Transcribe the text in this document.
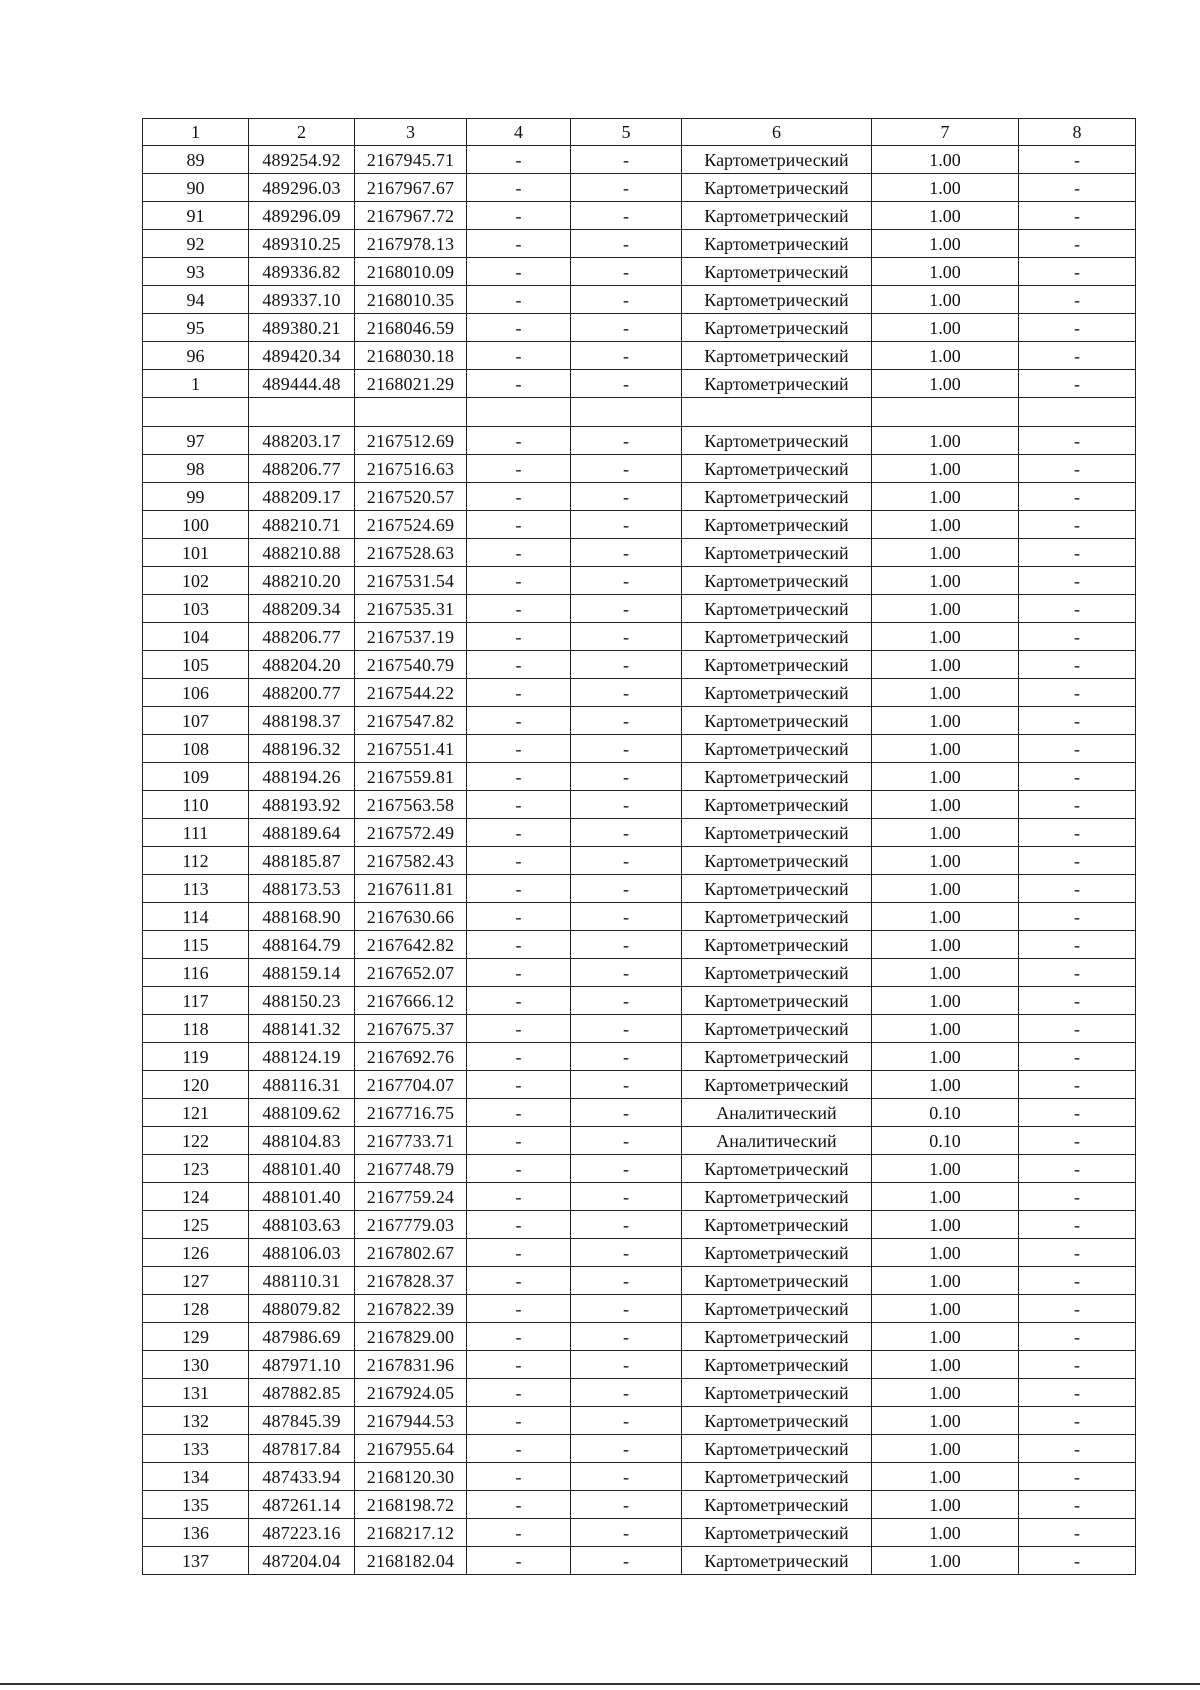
1	2	3	4	5	6	7	8
89	489254.92	2167945.71	-	-	Картометрический	1.00	-
90	489296.03	2167967.67	-	-	Картометрический	1.00	-
91	489296.09	2167967.72	-	-	Картометрический	1.00	-
92	489310.25	2167978.13	-	-	Картометрический	1.00	-
93	489336.82	2168010.09	-	-	Картометрический	1.00	-
94	489337.10	2168010.35	-	-	Картометрический	1.00	-
95	489380.21	2168046.59	-	-	Картометрический	1.00	-
96	489420.34	2168030.18	-	-	Картометрический	1.00	-
1	489444.48	2168021.29	-	-	Картометрический	1.00	-

97	488203.17	2167512.69	-	-	Картометрический	1.00	-
98	488206.77	2167516.63	-	-	Картометрический	1.00	-
99	488209.17	2167520.57	-	-	Картометрический	1.00	-
100	488210.71	2167524.69	-	-	Картометрический	1.00	-
101	488210.88	2167528.63	-	-	Картометрический	1.00	-
102	488210.20	2167531.54	-	-	Картометрический	1.00	-
103	488209.34	2167535.31	-	-	Картометрический	1.00	-
104	488206.77	2167537.19	-	-	Картометрический	1.00	-
105	488204.20	2167540.79	-	-	Картометрический	1.00	-
106	488200.77	2167544.22	-	-	Картометрический	1.00	-
107	488198.37	2167547.82	-	-	Картометрический	1.00	-
108	488196.32	2167551.41	-	-	Картометрический	1.00	-
109	488194.26	2167559.81	-	-	Картометрический	1.00	-
110	488193.92	2167563.58	-	-	Картометрический	1.00	-
111	488189.64	2167572.49	-	-	Картометрический	1.00	-
112	488185.87	2167582.43	-	-	Картометрический	1.00	-
113	488173.53	2167611.81	-	-	Картометрический	1.00	-
114	488168.90	2167630.66	-	-	Картометрический	1.00	-
115	488164.79	2167642.82	-	-	Картометрический	1.00	-
116	488159.14	2167652.07	-	-	Картометрический	1.00	-
117	488150.23	2167666.12	-	-	Картометрический	1.00	-
118	488141.32	2167675.37	-	-	Картометрический	1.00	-
119	488124.19	2167692.76	-	-	Картометрический	1.00	-
120	488116.31	2167704.07	-	-	Картометрический	1.00	-
121	488109.62	2167716.75	-	-	Аналитический	0.10	-
122	488104.83	2167733.71	-	-	Аналитический	0.10	-
123	488101.40	2167748.79	-	-	Картометрический	1.00	-
124	488101.40	2167759.24	-	-	Картометрический	1.00	-
125	488103.63	2167779.03	-	-	Картометрический	1.00	-
126	488106.03	2167802.67	-	-	Картометрический	1.00	-
127	488110.31	2167828.37	-	-	Картометрический	1.00	-
128	488079.82	2167822.39	-	-	Картометрический	1.00	-
129	487986.69	2167829.00	-	-	Картометрический	1.00	-
130	487971.10	2167831.96	-	-	Картометрический	1.00	-
131	487882.85	2167924.05	-	-	Картометрический	1.00	-
132	487845.39	2167944.53	-	-	Картометрический	1.00	-
133	487817.84	2167955.64	-	-	Картометрический	1.00	-
134	487433.94	2168120.30	-	-	Картометрический	1.00	-
135	487261.14	2168198.72	-	-	Картометрический	1.00	-
136	487223.16	2168217.12	-	-	Картометрический	1.00	-
137	487204.04	2168182.04	-	-	Картометрический	1.00	-
